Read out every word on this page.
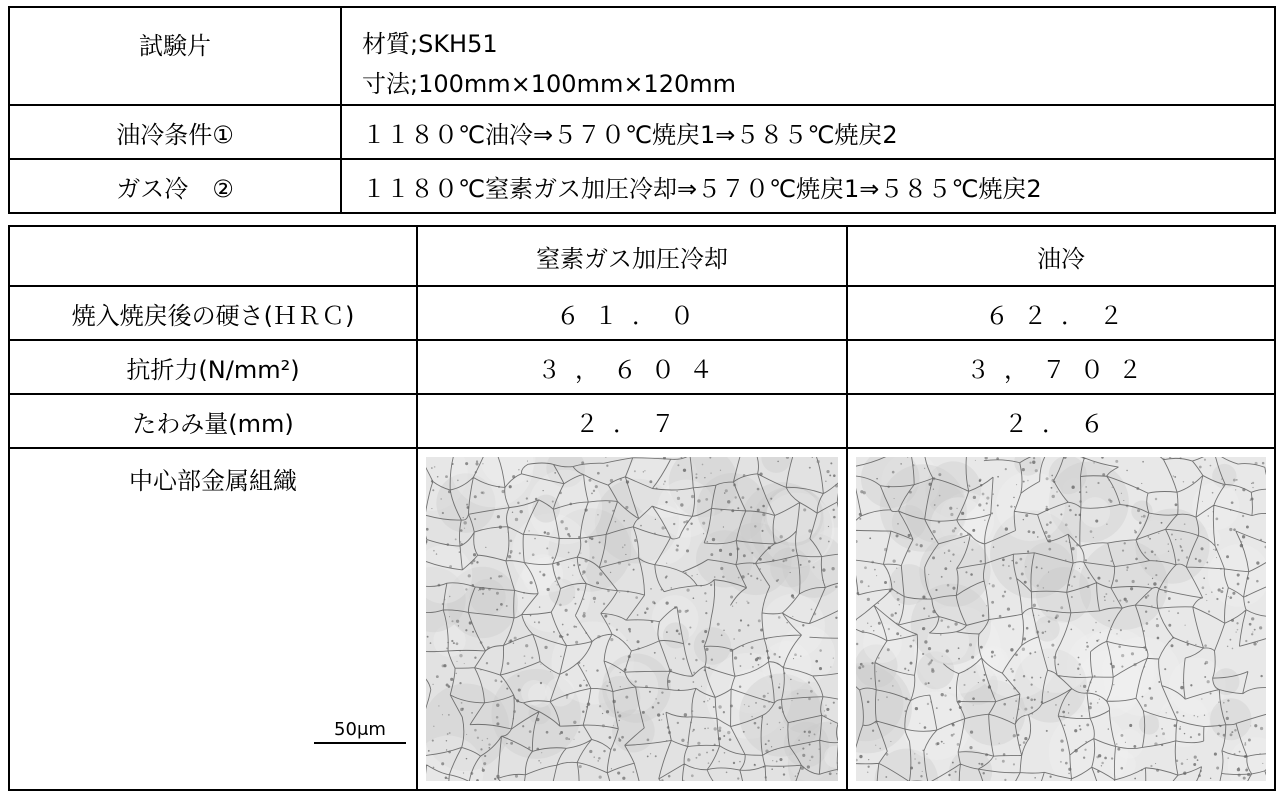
試験片	材質;SKH51
寸法;100mm×100mm×120mm

油冷条件①	１１８０℃油冷⇒５７０℃焼戻1⇒５８５℃焼戻2
ガス冷　②	１１８０℃窒素ガス加圧冷却⇒５７０℃焼戻1⇒５８５℃焼戻2
	窒素ガス加圧冷却	油冷
焼入焼戻後の硬さ(ＨＲＣ)	６１．０	６２．２
抗折力(N/mm²)	３，６０４	３，７０２
たわみ量(mm)	２．７	２．６

中心部金属組織
50μm
